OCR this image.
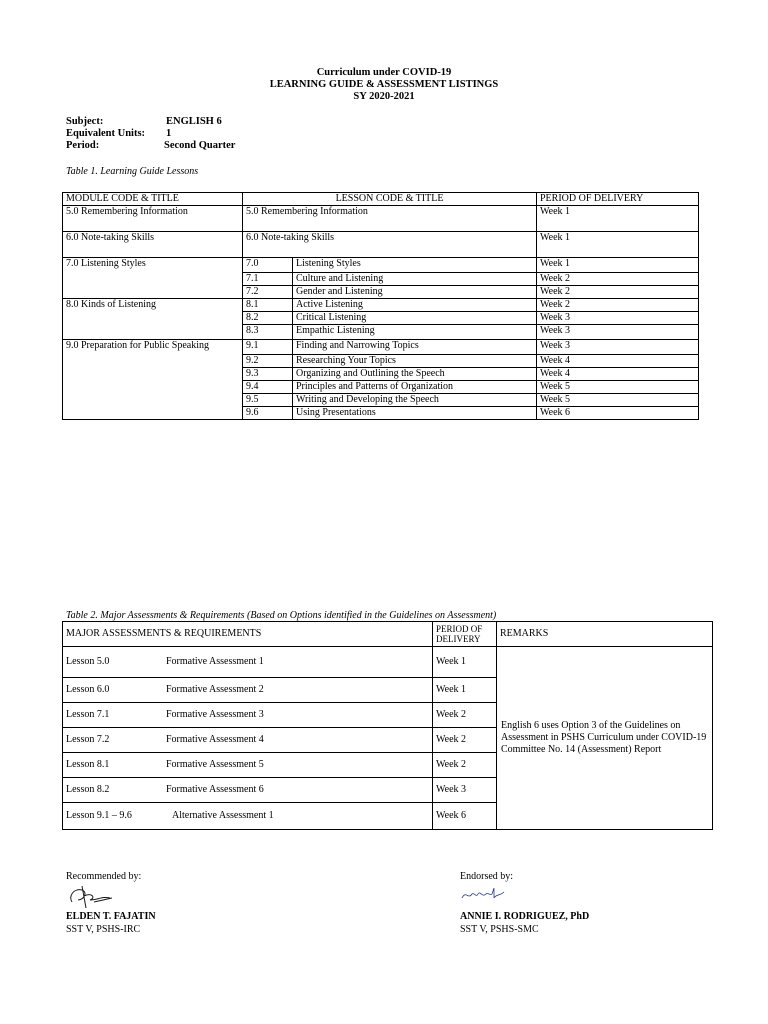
Curriculum under COVID-19
LEARNING GUIDE & ASSESSMENT LISTINGS
SY 2020-2021
Subject:	ENGLISH 6
Equivalent Units: 1
Period:	Second Quarter
Table 1. Learning Guide Lessons
MODULE CODE & TITLE	LESSON CODE & TITLE		PERIOD OF DELIVERY
5.0 Remembering Information	5.0 Remembering Information		Week 1
6.0 Note-taking Skills	6.0 Note-taking Skills		Week 1
7.0 Listening Styles	7.0	Listening Styles	Week 1
	7.1	Culture and Listening	Week 2
	7.2	Gender and Listening	Week 2
8.0 Kinds of Listening	8.1	Active Listening	Week 2
	8.2	Critical Listening	Week 3
	8.3	Empathic Listening	Week 3
9.0 Preparation for Public Speaking	9.1	Finding and Narrowing Topics	Week 3
	9.2	Researching Your Topics	Week 4
	9.3	Organizing and Outlining the Speech	Week 4
	9.4	Principles and Patterns of Organization	Week 5
	9.5	Writing and Developing the Speech	Week 5
	9.6	Using Presentations	Week 6
Table 2. Major Assessments & Requirements (Based on Options identified in the Guidelines on Assessment)
MAJOR ASSESSMENTS & REQUIREMENTS	PERIOD OF DELIVERY	REMARKS
Lesson 5.0 Formative Assessment 1	Week 1	English 6 uses Option 3 of the Guidelines on Assessment in PSHS Curriculum under COVID-19 Committee No. 14 (Assessment) Report
Lesson 6.0 Formative Assessment 2	Week 1	
Lesson 7.1 Formative Assessment 3	Week 2	
Lesson 7.2 Formative Assessment 4	Week 2	
Lesson 8.1 Formative Assessment 5	Week 2	
Lesson 8.2 Formative Assessment 6	Week 3	
Lesson 9.1 – 9.6 Alternative Assessment 1	Week 6	
Recommended by:
ELDEN T. FAJATIN
SST V, PSHS-IRC
Endorsed by:
ANNIE I. RODRIGUEZ, PhD
SST V, PSHS-SMC
